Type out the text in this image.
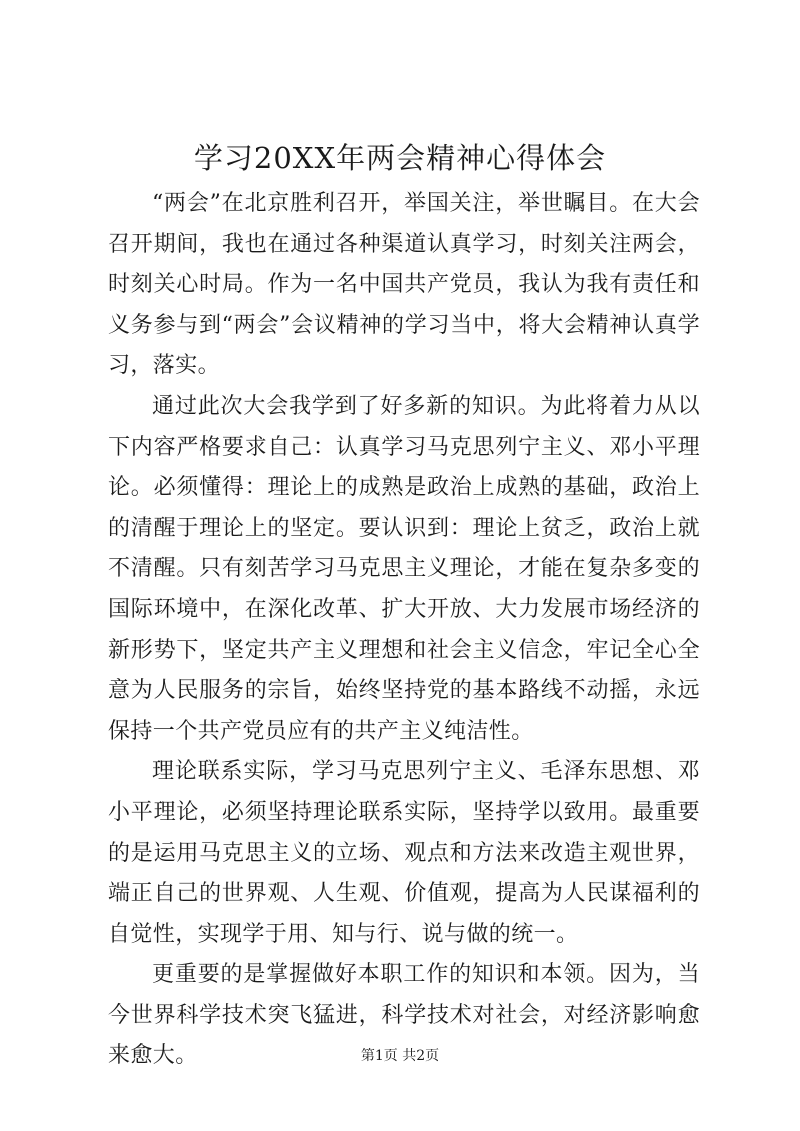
学习20XX年两会精神心得体会

“两会”在北京胜利召开，举国关注，举世瞩目。在大会召开期间，我也在通过各种渠道认真学习，时刻关注两会，时刻关心时局。作为一名中国共产党员，我认为我有责任和义务参与到“两会”会议精神的学习当中，将大会精神认真学习，落实。

通过此次大会我学到了好多新的知识。为此将着力从以下内容严格要求自己：认真学习马克思列宁主义、邓小平理论。必须懂得：理论上的成熟是政治上成熟的基础，政治上的清醒于理论上的坚定。要认识到：理论上贫乏，政治上就不清醒。只有刻苦学习马克思主义理论，才能在复杂多变的国际环境中，在深化改革、扩大开放、大力发展市场经济的新形势下，坚定共产主义理想和社会主义信念，牢记全心全意为人民服务的宗旨，始终坚持党的基本路线不动摇，永远保持一个共产党员应有的共产主义纯洁性。

理论联系实际，学习马克思列宁主义、毛泽东思想、邓小平理论，必须坚持理论联系实际，坚持学以致用。最重要的是运用马克思主义的立场、观点和方法来改造主观世界，端正自己的世界观、人生观、价值观，提高为人民谋福利的自觉性，实现学于用、知与行、说与做的统一。

更重要的是掌握做好本职工作的知识和本领。因为，当今世界科学技术突飞猛进，科学技术对社会，对经济影响愈来愈大。	第1页 共2页
